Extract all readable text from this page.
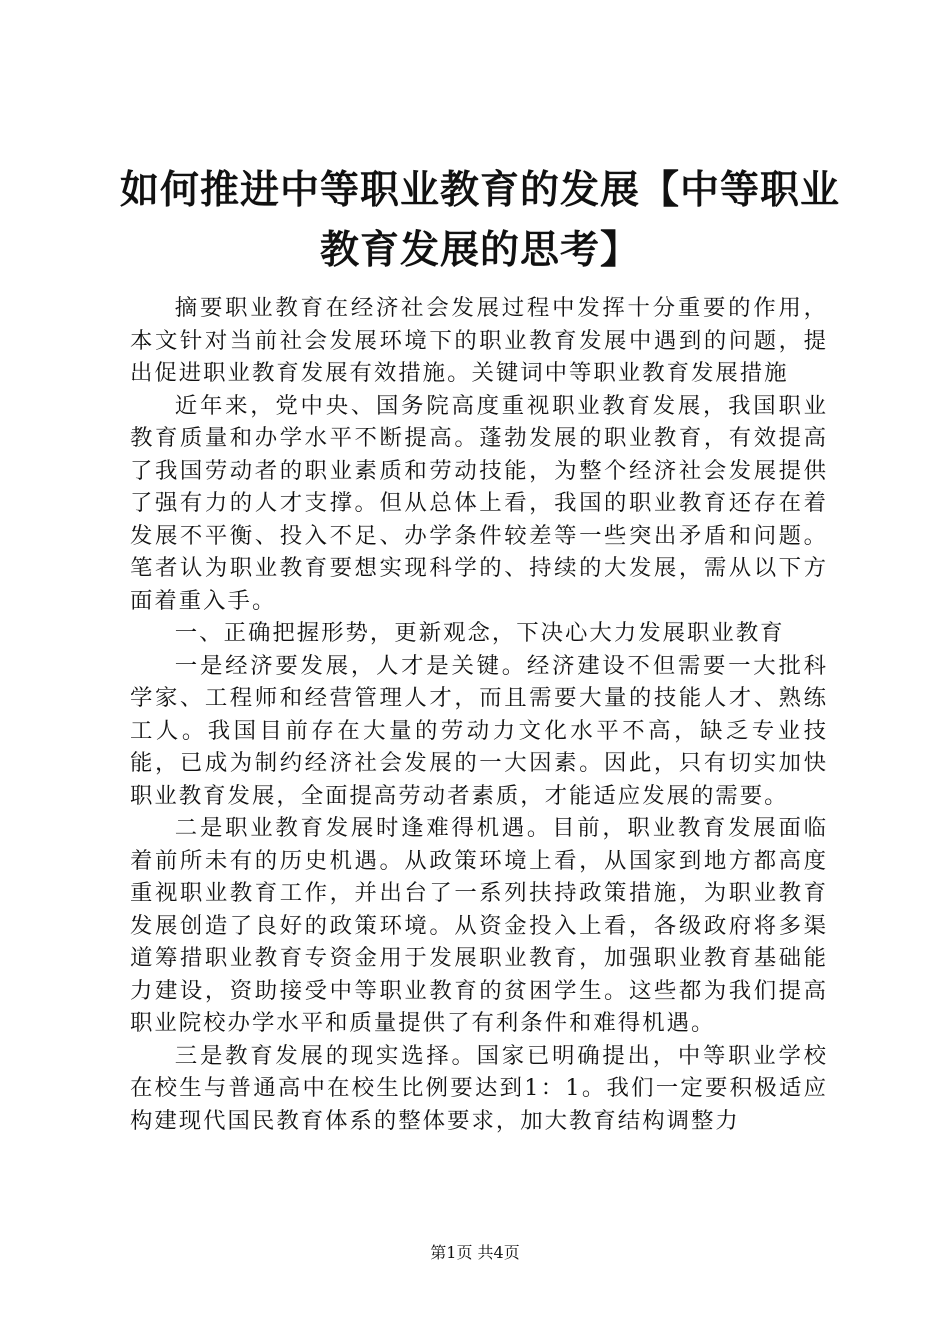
如何推进中等职业教育的发展【中等职业教育发展的思考】

摘要职业教育在经济社会发展过程中发挥十分重要的作用，本文针对当前社会发展环境下的职业教育发展中遇到的问题，提出促进职业教育发展有效措施。关键词中等职业教育发展措施

近年来，党中央、国务院高度重视职业教育发展，我国职业教育质量和办学水平不断提高。蓬勃发展的职业教育，有效提高了我国劳动者的职业素质和劳动技能，为整个经济社会发展提供了强有力的人才支撑。但从总体上看，我国的职业教育还存在着发展不平衡、投入不足、办学条件较差等一些突出矛盾和问题。笔者认为职业教育要想实现科学的、持续的大发展，需从以下方面着重入手。

一、正确把握形势，更新观念，下决心大力发展职业教育

一是经济要发展，人才是关键。经济建设不但需要一大批科学家、工程师和经营管理人才，而且需要大量的技能人才、熟练工人。我国目前存在大量的劳动力文化水平不高，缺乏专业技能，已成为制约经济社会发展的一大因素。因此，只有切实加快职业教育发展，全面提高劳动者素质，才能适应发展的需要。

二是职业教育发展时逢难得机遇。目前，职业教育发展面临着前所未有的历史机遇。从政策环境上看，从国家到地方都高度重视职业教育工作，并出台了一系列扶持政策措施，为职业教育发展创造了良好的政策环境。从资金投入上看，各级政府将多渠道筹措职业教育专资金用于发展职业教育，加强职业教育基础能力建设，资助接受中等职业教育的贫困学生。这些都为我们提高职业院校办学水平和质量提供了有利条件和难得机遇。

三是教育发展的现实选择。国家已明确提出，中等职业学校在校生与普通高中在校生比例要达到1：1。我们一定要积极适应构建现代国民教育体系的整体要求，加大教育结构调整力

第1页 共4页
